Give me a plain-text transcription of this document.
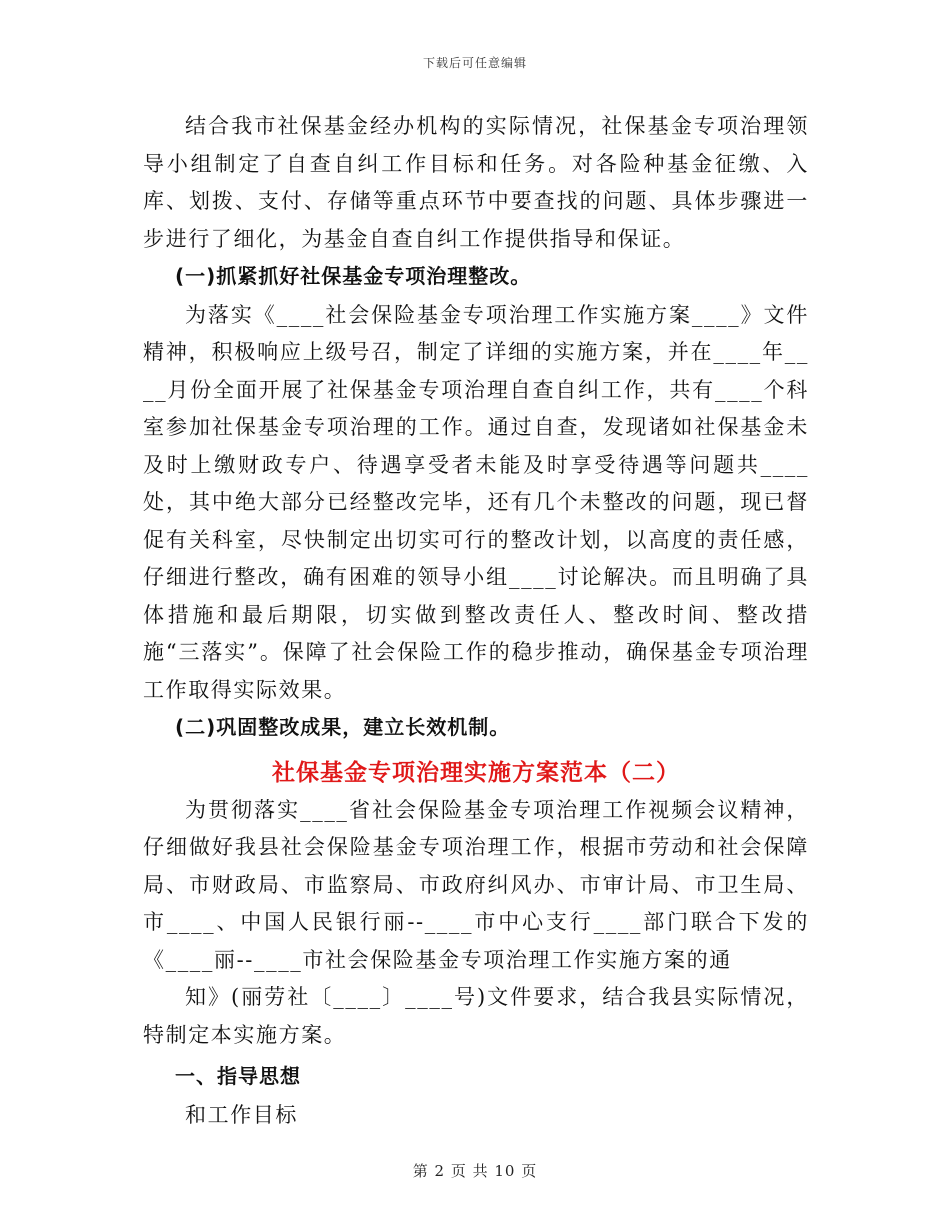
下载后可任意编辑

结合我市社保基金经办机构的实际情况，社保基金专项治理领导小组制定了自查自纠工作目标和任务。对各险种基金征缴、入库、划拨、支付、存储等重点环节中要查找的问题、具体步骤进一步进行了细化，为基金自查自纠工作提供指导和保证。

(一)抓紧抓好社保基金专项治理整改。

为落实《____社会保险基金专项治理工作实施方案____》文件精神，积极响应上级号召，制定了详细的实施方案，并在____年____月份全面开展了社保基金专项治理自查自纠工作，共有____个科室参加社保基金专项治理的工作。通过自查，发现诸如社保基金未及时上缴财政专户、待遇享受者未能及时享受待遇等问题共____处，其中绝大部分已经整改完毕，还有几个未整改的问题，现已督促有关科室，尽快制定出切实可行的整改计划，以高度的责任感，仔细进行整改，确有困难的领导小组____讨论解决。而且明确了具体措施和最后期限，切实做到整改责任人、整改时间、整改措施“三落实”。保障了社会保险工作的稳步推动，确保基金专项治理工作取得实际效果。

(二)巩固整改成果，建立长效机制。

社保基金专项治理实施方案范本（二）

为贯彻落实____省社会保险基金专项治理工作视频会议精神，仔细做好我县社会保险基金专项治理工作，根据市劳动和社会保障局、市财政局、市监察局、市政府纠风办、市审计局、市卫生局、市____、中国人民银行丽--____市中心支行____部门联合下发的《____丽--____市社会保险基金专项治理工作实施方案的通

知》(丽劳社〔____〕____号)文件要求，结合我县实际情况，特制定本实施方案。

一、指导思想

和工作目标

第 2 页 共 10 页
